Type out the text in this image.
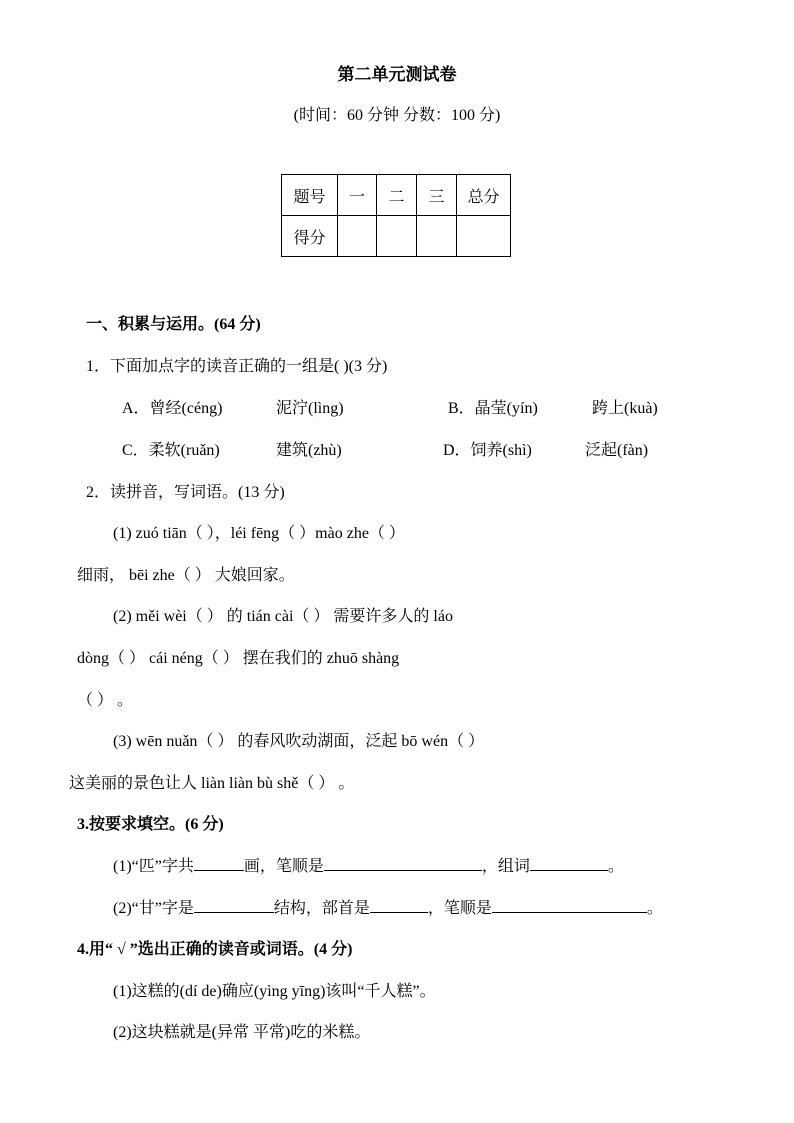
第二单元测试卷
(时间：60 分钟 分数：100 分)
题号	一	二	三	总分
得分				
一、积累与运用。(64 分)
1．下面加点字的读音正确的一组是( )(3 分)
A．曾经(céng)	泥泞(lìng)	B．晶莹(yín)	跨上(kuà)
C．柔软(ruǎn)	建筑(zhù)	D．饲养(shì)	泛起(fàn)
2．读拼音，写词语。(13 分)
(1) zuó tiān（ ），léi fēng（ ）mào zhe（ ）
细雨， bēi zhe（ ） 大娘回家。
(2) měi wèi（ ） 的 tián cài（ ） 需要许多人的 láo
dòng（ ） cái néng（ ） 摆在我们的 zhuō shàng
（ ） 。
(3) wēn nuǎn（ ） 的春风吹动湖面，泛起 bō wén（ ）
这美丽的景色让人 liàn liàn bù shě（ ） 。
3.按要求填空。(6 分)
(1)“匹”字共	画，笔顺是	，组词	。
(2)“甘”字是	结构，部首是	，笔顺是	。
4.用“ √ ”选出正确的读音或词语。(4 分)
(1)这糕的(dí de)确应(yìng yīng)该叫“千人糕”。
(2)这块糕就是(异常 平常)吃的米糕。
